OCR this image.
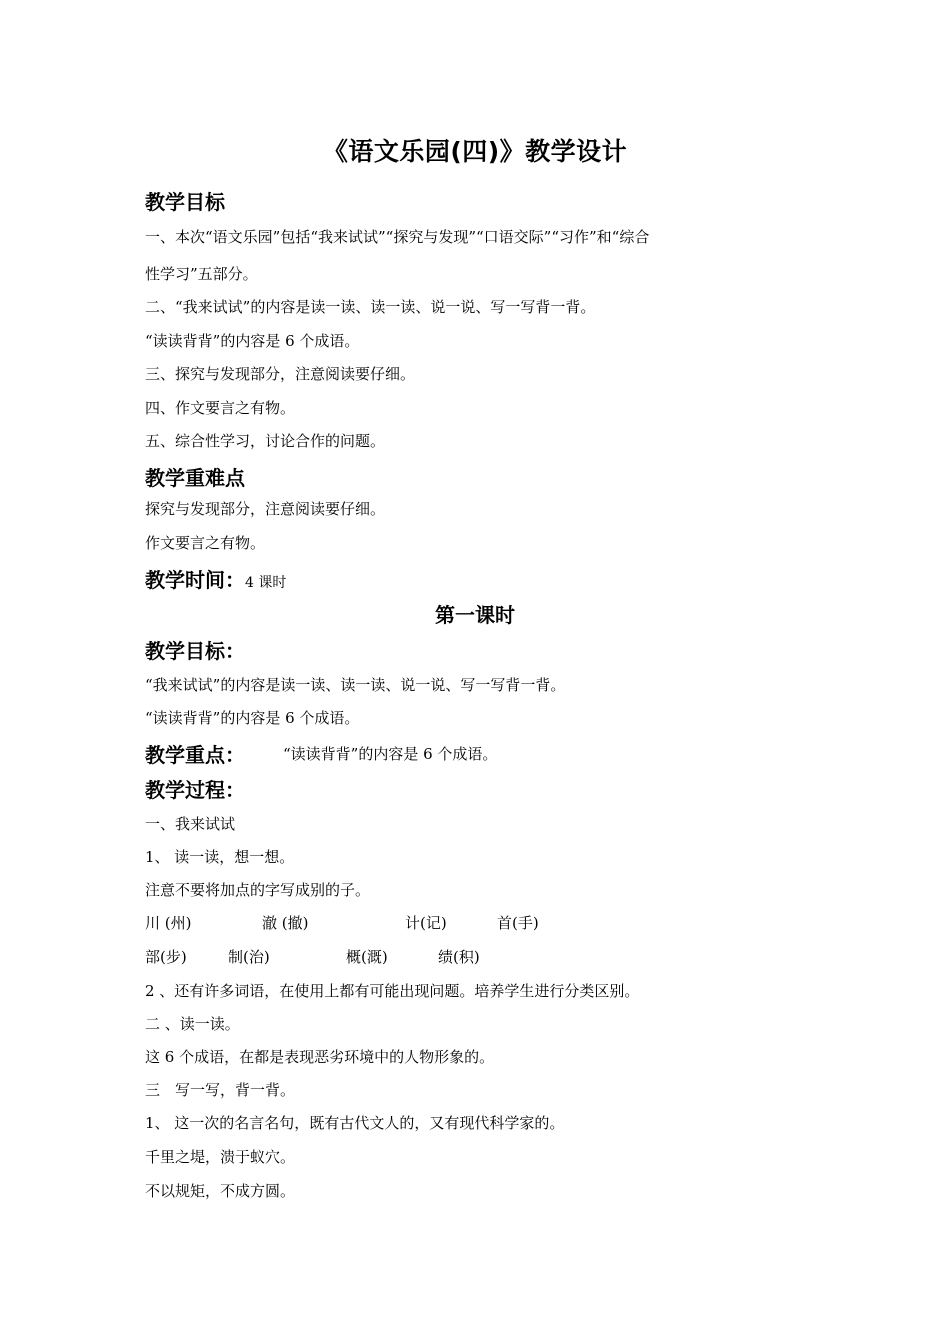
《语文乐园(四)》教学设计
教学目标
一、本次“语文乐园”包括“我来试试”“探究与发现”“口语交际”“习作”和“综合
性学习”五部分。
二、“我来试试”的内容是读一读、读一读、说一说、写一写背一背。
“读读背背”的内容是 6 个成语。
三、探究与发现部分，注意阅读要仔细。
四、作文要言之有物。
五、综合性学习，讨论合作的问题。
教学重难点
探究与发现部分，注意阅读要仔细。
作文要言之有物。
教学时间：4 课时
第一课时
教学目标：
“我来试试”的内容是读一读、读一读、说一说、写一写背一背。
“读读背背”的内容是 6 个成语。
教学重点：	“读读背背”的内容是 6 个成语。
教学过程：
一、我来试试
1、 读一读，想一想。
注意不要将加点的字写成别的子。
川 (州)	澈 (撤)	计(记)	首(手)
部(步)	制(治)	概(溉)	绩(积)
2 、还有许多词语，在使用上都有可能出现问题。培养学生进行分类区别。
二 、读一读。
这 6 个成语，在都是表现恶劣环境中的人物形象的。
三　写一写，背一背。
1、 这一次的名言名句，既有古代文人的，又有现代科学家的。
千里之堤，溃于蚁穴。
不以规矩，不成方圆。
